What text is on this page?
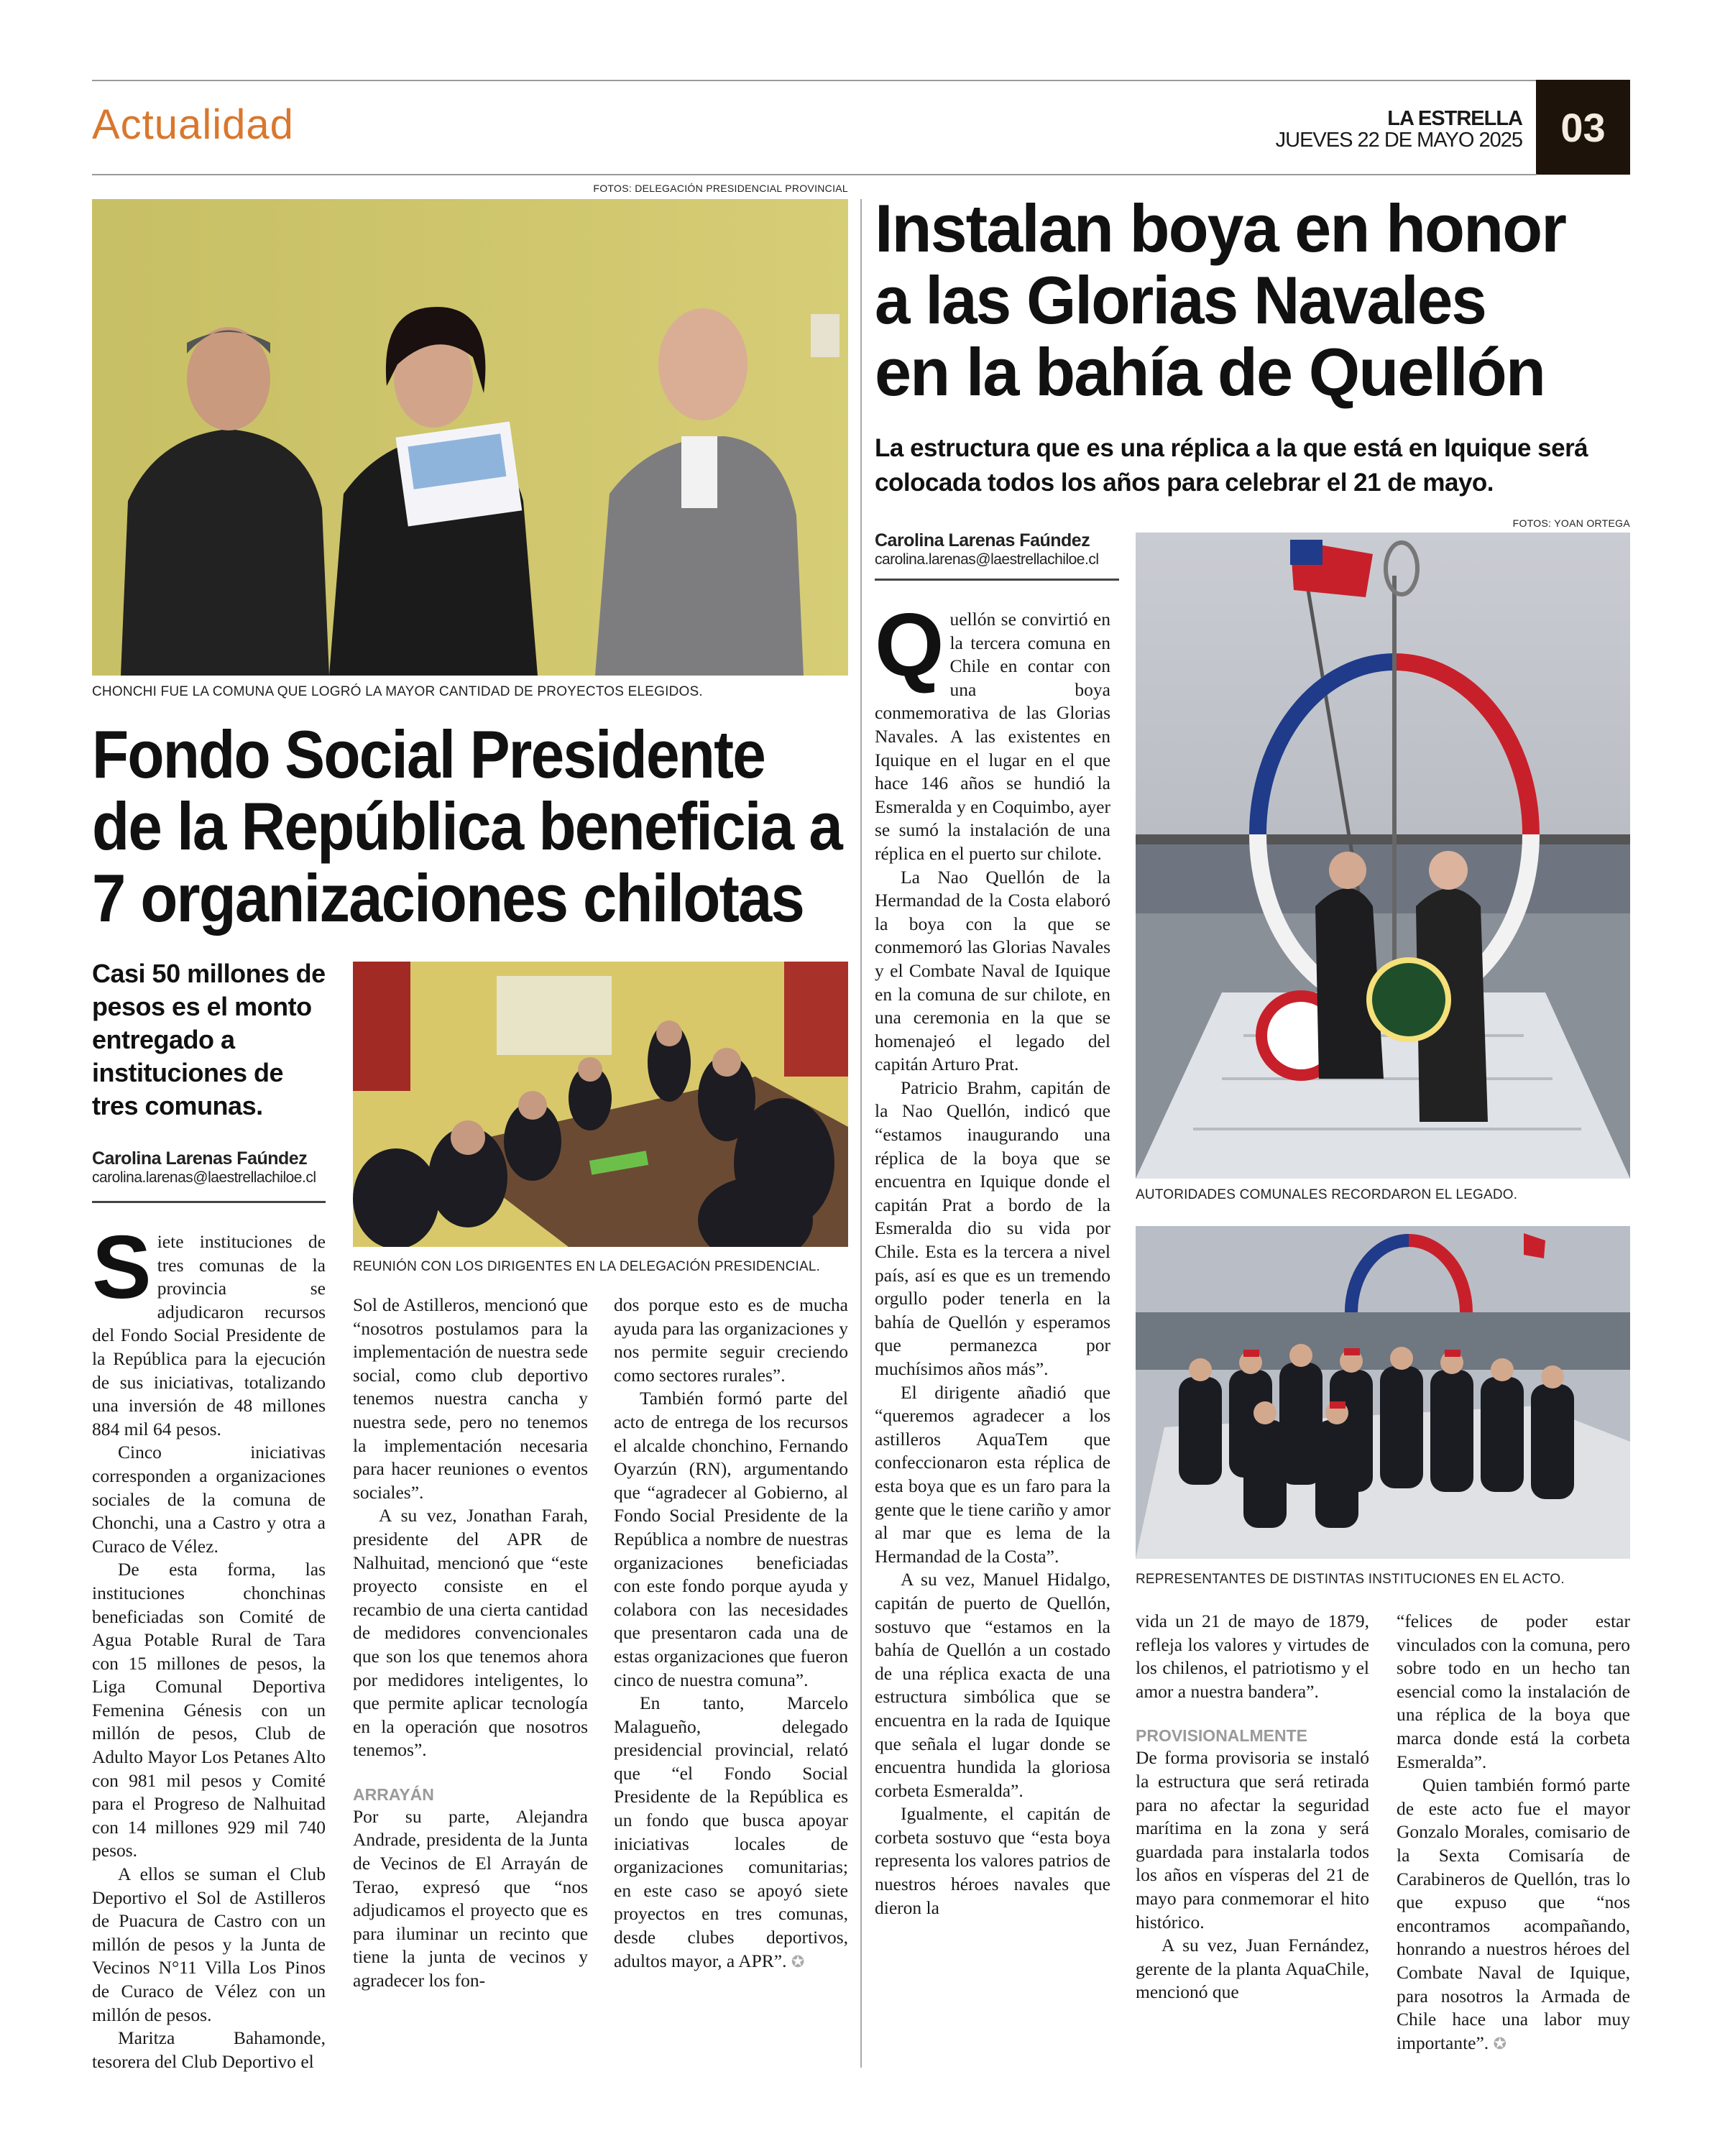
Actualidad	LA ESTRELLA
JUEVES 22 DE MAYO 2025 03
FOTOS: DELEGACIÓN PRESIDENCIAL PROVINCIAL
CHONCHI FUE LA COMUNA QUE LOGRÓ LA MAYOR CANTIDAD DE PROYECTOS ELEGIDOS.
Fondo Social Presidente
de la República beneficia a
7 organizaciones chilotas
Casi 50 millones de pesos es el monto entregado a instituciones de tres comunas.
Carolina Larenas Faúndez
carolina.larenas@laestrellachiloe.cl
REUNIÓN CON LOS DIRIGENTES EN LA DELEGACIÓN PRESIDENCIAL.

Siete instituciones de tres comunas de la provincia se adjudicaron recursos del Fondo Social Presidente de la República para la ejecución de sus iniciativas, totalizando una inversión de 48 millones 884 mil 64 pesos.

Cinco iniciativas corresponden a organizaciones sociales de la comuna de Chonchi, una a Castro y otra a Curaco de Vélez.

De esta forma, las instituciones chonchinas beneficiadas son Comité de Agua Potable Rural de Tara con 15 millones de pesos, la Liga Comunal Deportiva Femenina Génesis con un millón de pesos, Club de Adulto Mayor Los Petanes Alto con 981 mil pesos y Comité para el Progreso de Nalhuitad con 14 millones 929 mil 740 pesos.

A ellos se suman el Club Deportivo el Sol de Astilleros de Puacura de Castro con un millón de pesos y la Junta de Vecinos N°11 Villa Los Pinos de Curaco de Vélez con un millón de pesos.

Maritza Bahamonde, tesorera del Club Deportivo el

Sol de Astilleros, mencionó que “nosotros postulamos para la implementación de nuestra sede social, como club deportivo tenemos nuestra cancha y nuestra sede, pero no tenemos la implementación necesaria para hacer reuniones o eventos sociales”.

A su vez, Jonathan Farah, presidente del APR de Nalhuitad, mencionó que “este proyecto consiste en el recambio de una cierta cantidad de medidores convencionales que son los que tenemos ahora por medidores inteligentes, lo que permite aplicar tecnología en la operación que nosotros tenemos”.

ARRAYÁN

Por su parte, Alejandra Andrade, presidenta de la Junta de Vecinos de El Arrayán de Terao, expresó que “nos adjudicamos el proyecto que es para iluminar un recinto que tiene la junta de vecinos y agradecer los fon-

dos porque esto es de mucha ayuda para las organizaciones y nos permite seguir creciendo como sectores rurales”.

También formó parte del acto de entrega de los recursos el alcalde chonchino, Fernando Oyarzún (RN), argumentando que “agradecer al Gobierno, al Fondo Social Presidente de la República a nombre de nuestras organizaciones beneficiadas con este fondo porque ayuda y colabora con las necesidades que presentaron cada una de estas organizaciones que fueron cinco de nuestra comuna”.

En tanto, Marcelo Malagueño, delegado presidencial provincial, relató que “el Fondo Social Presidente de la República es un fondo que busca apoyar iniciativas locales de organizaciones comunitarias; en este caso se apoyó siete proyectos en tres comunas, desde clubes deportivos, adultos mayor, a APR”. ✪

Instalan boya en honor
a las Glorias Navales
en la bahía de Quellón
La estructura que es una réplica a la que está en Iquique será colocada todos los años para celebrar el 21 de mayo.
FOTOS: YOAN ORTEGA
Carolina Larenas Faúndez
carolina.larenas@laestrellachiloe.cl
AUTORIDADES COMUNALES RECORDARON EL LEGADO.
REPRESENTANTES DE DISTINTAS INSTITUCIONES EN EL ACTO.

Quellón se convirtió en la tercera comuna en Chile en contar con una boya conmemorativa de las Glorias Navales. A las existentes en Iquique en el lugar en el que hace 146 años se hundió la Esmeralda y en Coquimbo, ayer se sumó la instalación de una réplica en el puerto sur chilote.

La Nao Quellón de la Hermandad de la Costa elaboró la boya con la que se conmemoró las Glorias Navales y el Combate Naval de Iquique en la comuna de sur chilote, en una ceremonia en la que se homenajeó el legado del capitán Arturo Prat.

Patricio Brahm, capitán de la Nao Quellón, indicó que “estamos inaugurando una réplica de la boya que se encuentra en Iquique donde el capitán Prat a bordo de la Esmeralda dio su vida por Chile. Esta es la tercera a nivel país, así es que es un tremendo orgullo poder tenerla en la bahía de Quellón y esperamos que permanezca por muchísimos años más”.

El dirigente añadió que “queremos agradecer a los astilleros AquaTem que confeccionaron esta réplica de esta boya que es un faro para la gente que le tiene cariño y amor al mar que es lema de la Hermandad de la Costa”.

A su vez, Manuel Hidalgo, capitán de puerto de Quellón, sostuvo que “estamos en la bahía de Quellón a un costado de una réplica exacta de una estructura simbólica que se encuentra en la rada de Iquique que señala el lugar donde se encuentra hundida la gloriosa corbeta Esmeralda”.

Igualmente, el capitán de corbeta sostuvo que “esta boya representa los valores patrios de nuestros héroes navales que dieron la

vida un 21 de mayo de 1879, refleja los valores y virtudes de los chilenos, el patriotismo y el amor a nuestra bandera”.

PROVISIONALMENTE

De forma provisoria se instaló la estructura que será retirada para no afectar la seguridad marítima en la zona y será guardada para instalarla todos los años en vísperas del 21 de mayo para conmemorar el hito histórico.

A su vez, Juan Fernández, gerente de la planta AquaChile, mencionó que

“felices de poder estar vinculados con la comuna, pero sobre todo en un hecho tan esencial como la instalación de una réplica de la boya que marca donde está la corbeta Esmeralda”.

Quien también formó parte de este acto fue el mayor Gonzalo Morales, comisario de la Sexta Comisaría de Carabineros de Quellón, tras lo que expuso que “nos encontramos acompañando, honrando a nuestros héroes del Combate Naval de Iquique, para nosotros la Armada de Chile hace una labor muy importante”. ✪
